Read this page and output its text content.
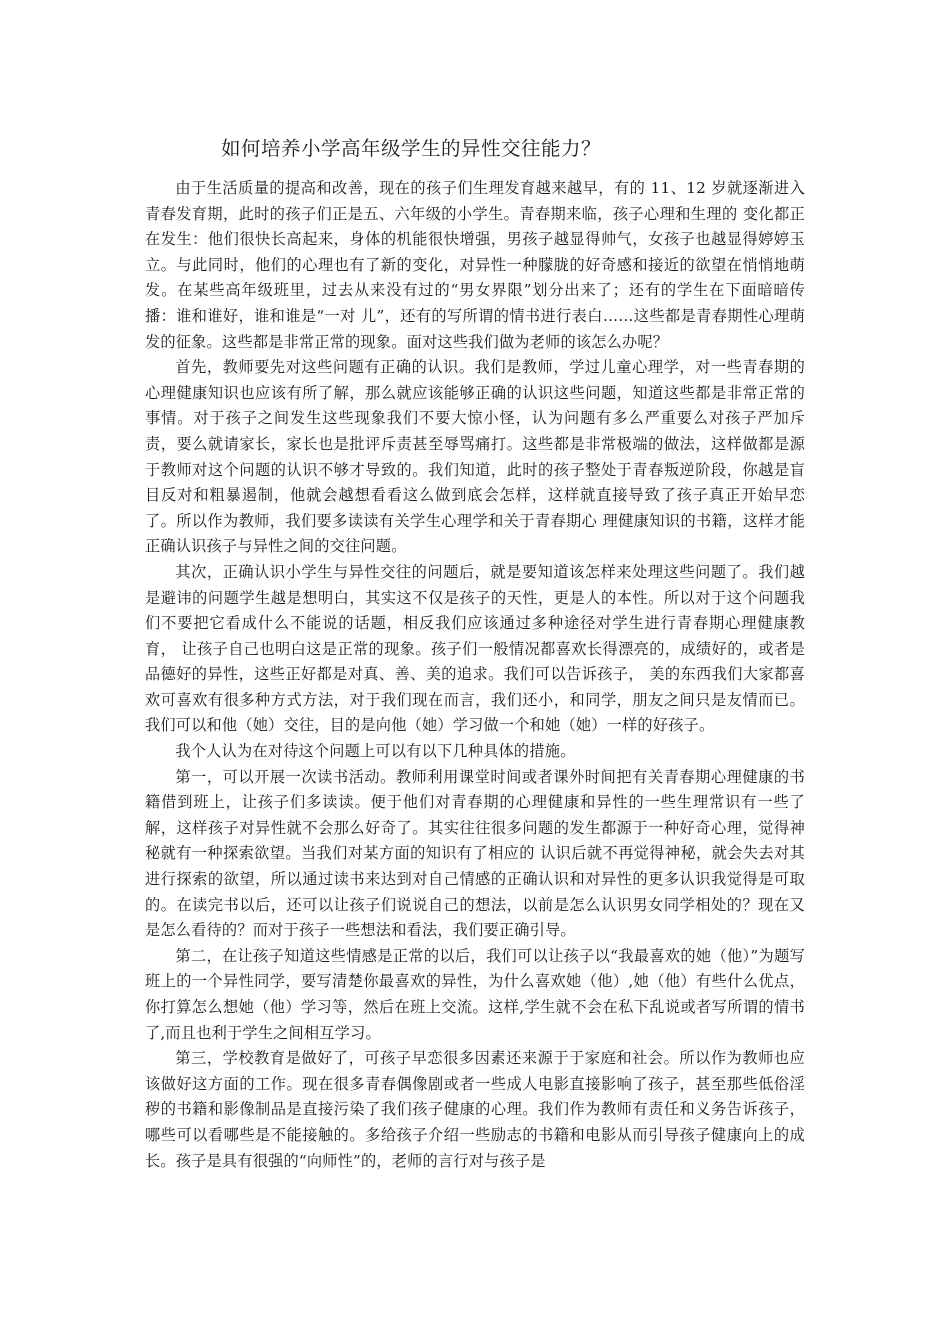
如何培养小学高年级学生的异性交往能力？

由于生活质量的提高和改善，现在的孩子们生理发育越来越早，有的 11、12 岁就逐渐进入青春发育期，此时的孩子们正是五、六年级的小学生。青春期来临，孩子心理和生理的 变化都正在发生：他们很快长高起来，身体的机能很快增强，男孩子越显得帅气，女孩子也越显得婷婷玉立。与此同时，他们的心理也有了新的变化，对异性一种朦胧的好奇感和接近的欲望在悄悄地萌发。在某些高年级班里，过去从来没有过的“男女界限”划分出来了；还有的学生在下面暗暗传播：谁和谁好，谁和谁是“一对 儿”，还有的写所谓的情书进行表白……这些都是青春期性心理萌发的征象。这些都是非常正常的现象。面对这些我们做为老师的该怎么办呢？

首先，教师要先对这些问题有正确的认识。我们是教师，学过儿童心理学，对一些青春期的心理健康知识也应该有所了解，那么就应该能够正确的认识这些问题，知道这些都是非常正常的事情。对于孩子之间发生这些现象我们不要大惊小怪，认为问题有多么严重要么对孩子严加斥责，要么就请家长，家长也是批评斥责甚至辱骂痛打。这些都是非常极端的做法，这样做都是源于教师对这个问题的认识不够才导致的。我们知道，此时的孩子整处于青春叛逆阶段，你越是盲目反对和粗暴遏制，他就会越想看看这么做到底会怎样，这样就直接导致了孩子真正开始早恋了。所以作为教师，我们要多读读有关学生心理学和关于青春期心 理健康知识的书籍，这样才能正确认识孩子与异性之间的交往问题。

其次，正确认识小学生与异性交往的问题后，就是要知道该怎样来处理这些问题了。我们越是避讳的问题学生越是想明白，其实这不仅是孩子的天性，更是人的本性。所以对于这个问题我们不要把它看成什么不能说的话题，相反我们应该通过多种途径对学生进行青春期心理健康教育， 让孩子自己也明白这是正常的现象。孩子们一般情况都喜欢长得漂亮的，成绩好的，或者是品德好的异性，这些正好都是对真、善、美的追求。我们可以告诉孩子， 美的东西我们大家都喜欢可喜欢有很多种方式方法，对于我们现在而言，我们还小，和同学，朋友之间只是友情而已。我们可以和他（她）交往，目的是向他（她）学习做一个和她（她）一样的好孩子。

我个人认为在对待这个问题上可以有以下几种具体的措施。

第一，可以开展一次读书活动。教师利用课堂时间或者课外时间把有关青春期心理健康的书籍借到班上，让孩子们多读读。便于他们对青春期的心理健康和异性的一些生理常识有一些了解，这样孩子对异性就不会那么好奇了。其实往往很多问题的发生都源于一种好奇心理，觉得神秘就有一种探索欲望。当我们对某方面的知识有了相应的 认识后就不再觉得神秘，就会失去对其进行探索的欲望，所以通过读书来达到对自己情感的正确认识和对异性的更多认识我觉得是可取的。在读完书以后，还可以让孩子们说说自己的想法，以前是怎么认识男女同学相处的？现在又是怎么看待的？而对于孩子一些想法和看法，我们要正确引导。

第二，在让孩子知道这些情感是正常的以后，我们可以让孩子以“我最喜欢的她（他）”为题写班上的一个异性同学，要写清楚你最喜欢的异性，为什么喜欢她（他）,她（他）有些什么优点，你打算怎么想她（他）学习等，然后在班上交流。这样,学生就不会在私下乱说或者写所谓的情书了,而且也利于学生之间相互学习。

第三，学校教育是做好了，可孩子早恋很多因素还来源于于家庭和社会。所以作为教师也应该做好这方面的工作。现在很多青春偶像剧或者一些成人电影直接影响了孩子，甚至那些低俗淫秽的书籍和影像制品是直接污染了我们孩子健康的心理。我们作为教师有责任和义务告诉孩子，哪些可以看哪些是不能接触的。多给孩子介绍一些励志的书籍和电影从而引导孩子健康向上的成长。孩子是具有很强的“向师性”的，老师的言行对与孩子是
